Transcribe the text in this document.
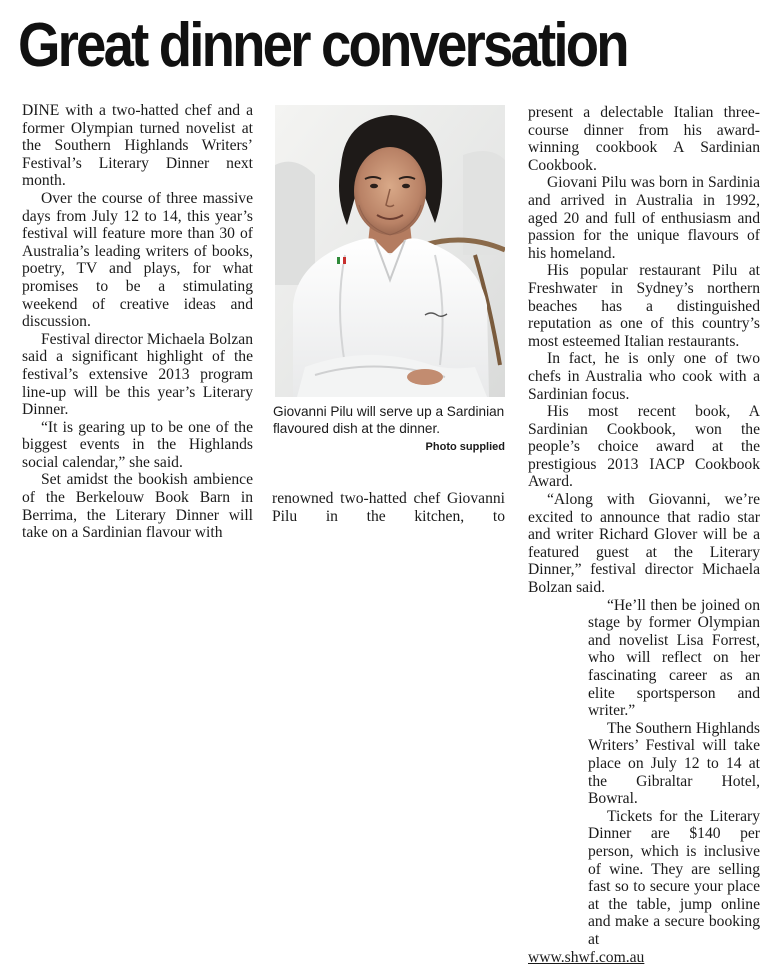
Great dinner conversation

DINE with a two-hatted chef and a former Olympian turned novelist at the Southern Highlands Writers’ Festival’s Literary Dinner next month.

Over the course of three massive days from July 12 to 14, this year’s festival will feature more than 30 of Australia’s leading writers of books, poetry, TV and plays, for what promises to be a stimulating weekend of creative ideas and discussion.

Festival director Michaela Bolzan said a significant highlight of the festival’s extensive 2013 program line-up will be this year’s Literary Dinner.

“It is gearing up to be one of the biggest events in the Highlands social calendar,” she said.

Set amidst the bookish ambience of the Berkelouw Book Barn in Berrima, the Literary Dinner will take on a Sardinian flavour with

Giovanni Pilu will serve up a Sardinian flavoured dish at the dinner.
Photo supplied

renowned two-hatted chef Giovanni Pilu in the kitchen, to

present a delectable Italian three-course dinner from his award-winning cookbook A Sardinian Cookbook.

Giovani Pilu was born in Sardinia and arrived in Australia in 1992, aged 20 and full of enthusiasm and passion for the unique flavours of his homeland.

His popular restaurant Pilu at Freshwater in Sydney’s northern beaches has a distinguished reputation as one of this country’s most esteemed Italian restaurants.

In fact, he is only one of two chefs in Australia who cook with a Sardinian focus.

His most recent book, A Sardinian Cookbook, won the people’s choice award at the prestigious 2013 IACP Cookbook Award.

“Along with Giovanni, we’re excited to announce that radio star and writer Richard Glover will be a featured guest at the Literary Dinner,” festival director Michaela Bolzan said.

“He’ll then be joined on stage by former Olympian and novelist Lisa Forrest, who will reflect on her fascinating career as an elite sportsperson and writer.”

The Southern Highlands Writers’ Festival will take place on July 12 to 14 at the Gibraltar Hotel, Bowral.

Tickets for the Literary Dinner are $140 per person, which is inclusive of wine. They are selling fast so to secure your place at the table, jump online and make a secure booking at

www.shwf.com.au
